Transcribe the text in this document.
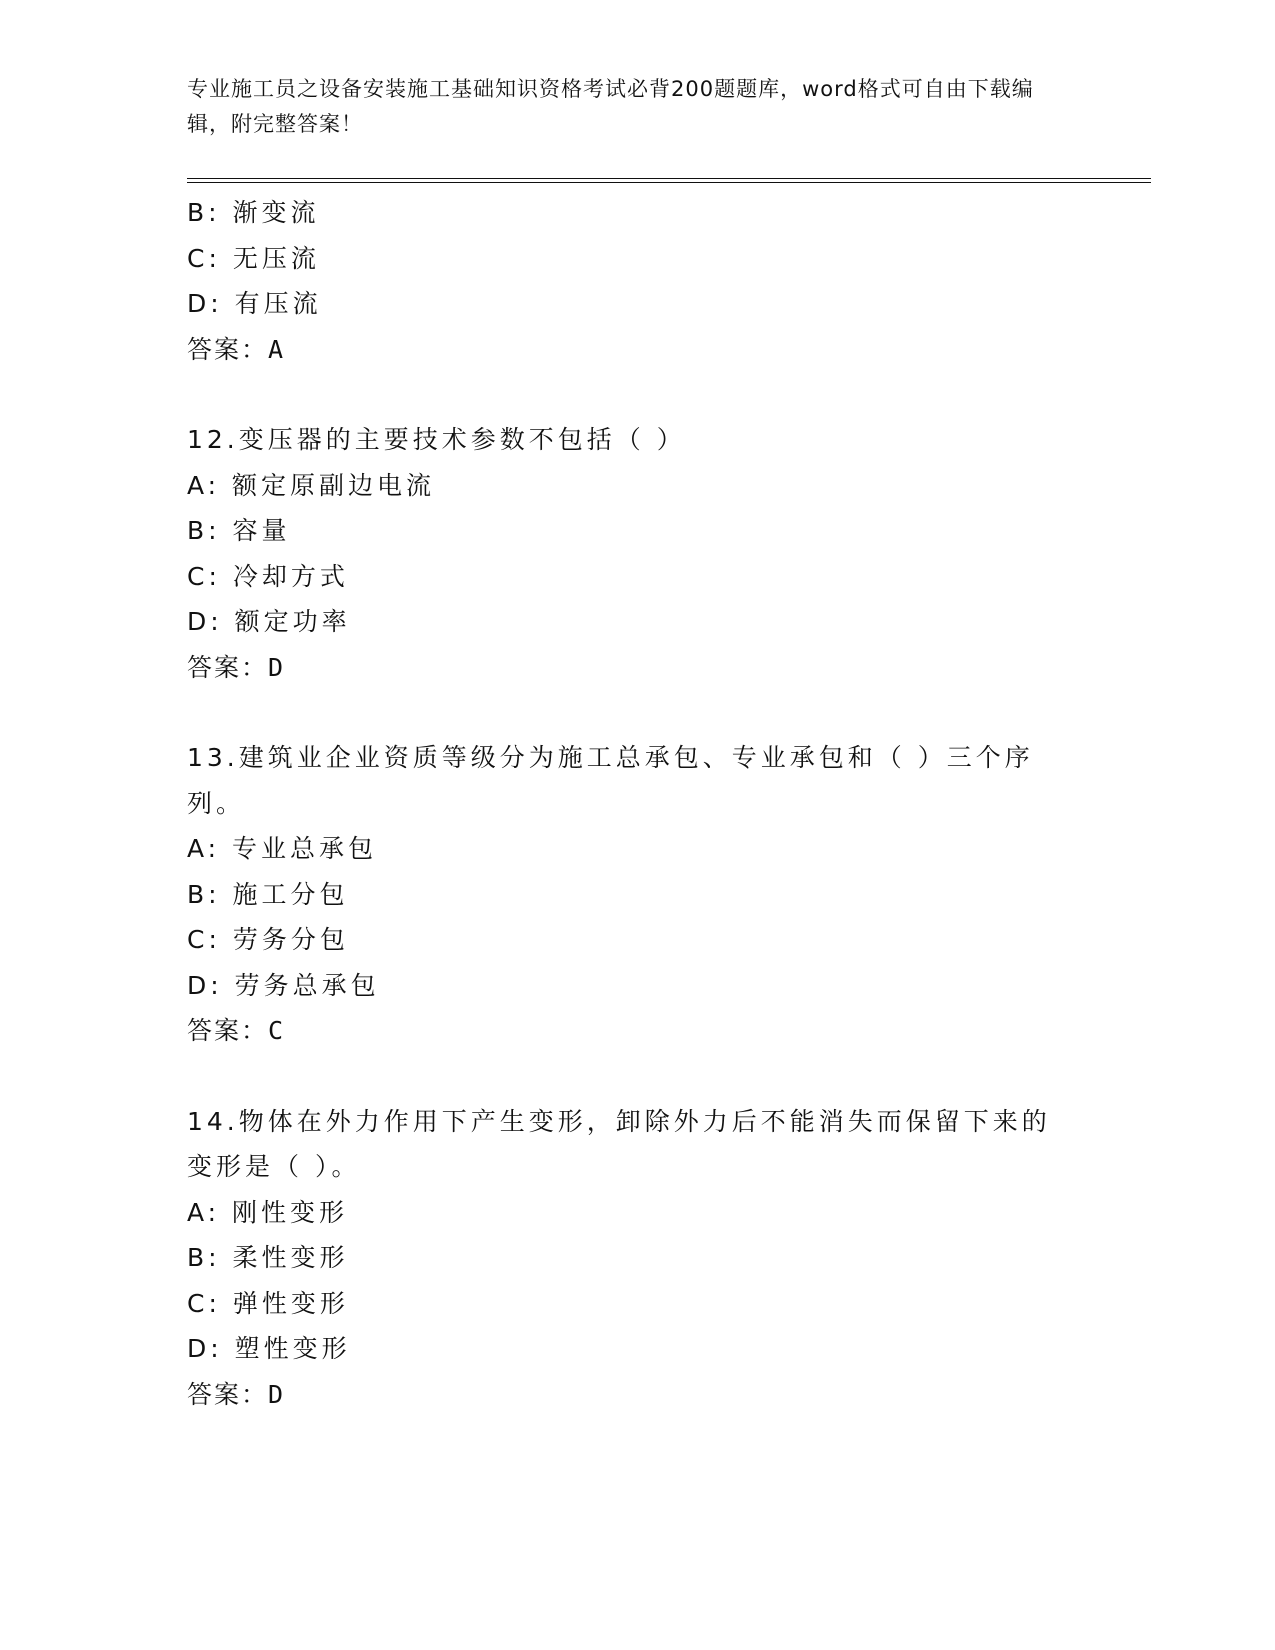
专业施工员之设备安装施工基础知识资格考试必背200题题库，word格式可自由下载编辑，附完整答案！
B: 渐变流
C: 无压流
D: 有压流
答案：A
12.变压器的主要技术参数不包括（ ）
A: 额定原副边电流
B: 容量
C: 冷却方式
D: 额定功率
答案：D
13.建筑业企业资质等级分为施工总承包、专业承包和（ ）三个序列。
A: 专业总承包
B: 施工分包
C: 劳务分包
D: 劳务总承包
答案：C
14.物体在外力作用下产生变形，卸除外力后不能消失而保留下来的变形是（ ）。
A: 刚性变形
B: 柔性变形
C: 弹性变形
D: 塑性变形
答案：D
